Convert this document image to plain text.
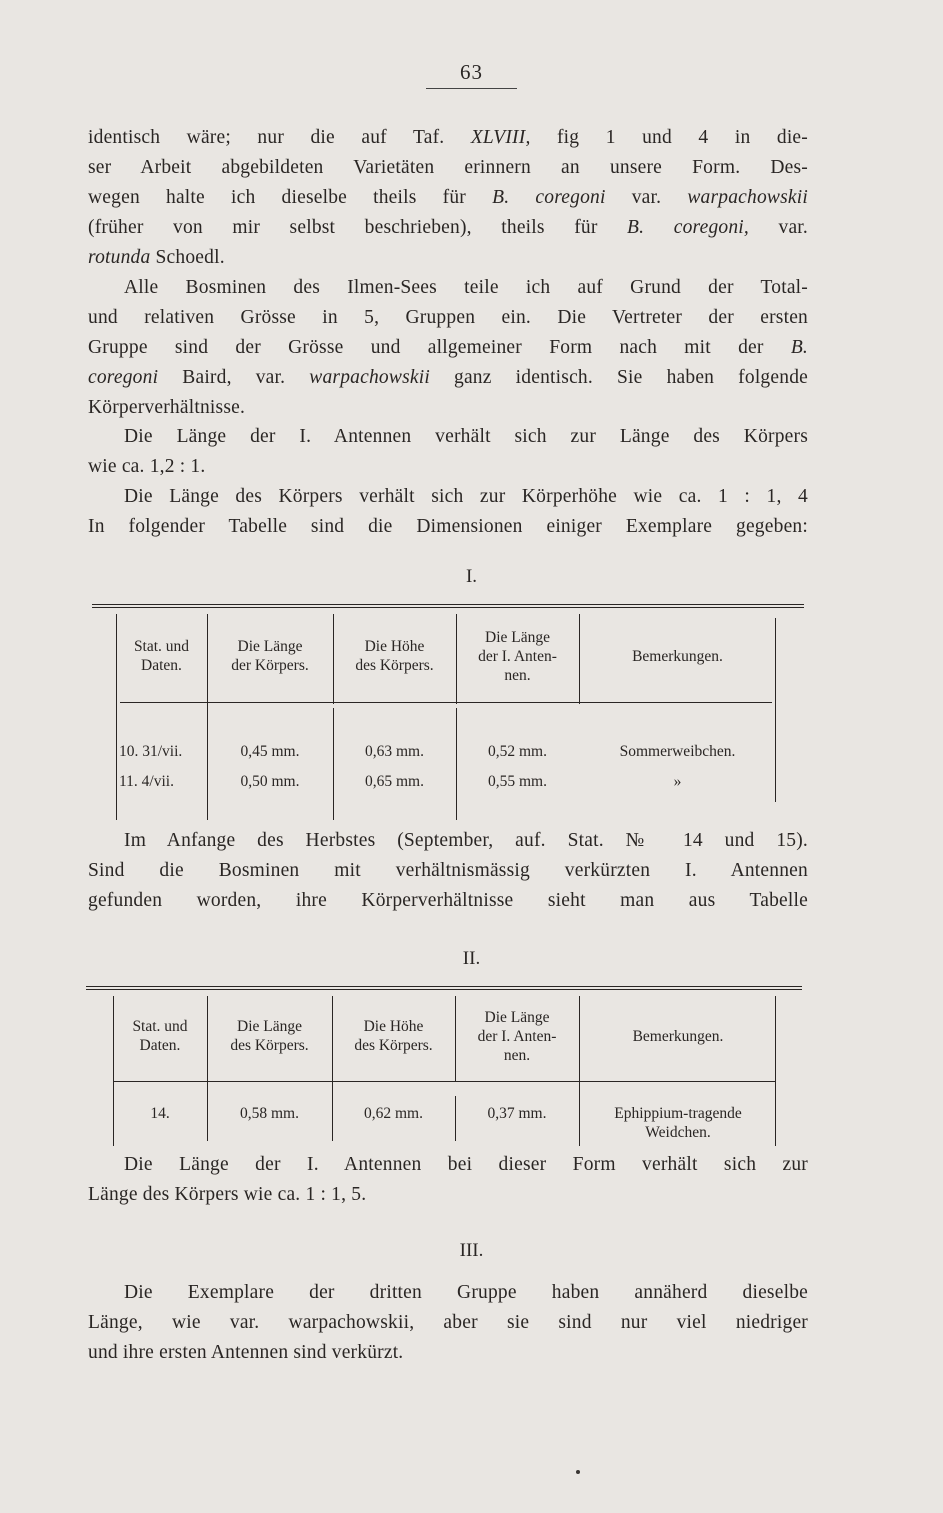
63
identisch wäre; nur die auf Taf. XLVIII, fig 1 und 4 in die-
ser Arbeit abgebildeten Varietäten erinnern an unsere Form. Des-
wegen halte ich dieselbe theils für B. coregoni var. warpachowskii
(früher von mir selbst beschrieben), theils für B. coregoni, var.
rotunda Schoedl.
Alle Bosminen des Ilmen-Sees teile ich auf Grund der Total-
und relativen Grösse in 5, Gruppen ein. Die Vertreter der ersten
Gruppe sind der Grösse und allgemeiner Form nach mit der B.
coregoni Baird, var. warpachowskii ganz identisch. Sie haben folgende
Körperverhältnisse.
Die Länge der I. Antennen verhält sich zur Länge des Körpers
wie ca. 1,2 : 1.
Die Länge des Körpers verhält sich zur Körperhöhe wie ca. 1 : 1, 4
In folgender Tabelle sind die Dimensionen einiger Exemplare gegeben:
I.
Stat. und
Daten.	Die Länge
der Körpers.	Die Höhe
des Körpers.	Die Länge
der I. Anten-
nen.	Bemerkungen.

10. 31/vii.	0,45 mm.	0,63 mm.	0,52 mm.	Sommerweibchen.
11. 4/vii.	0,50 mm.	0,65 mm.	0,55 mm.	»
Im Anfange des Herbstes (September, auf. Stat. № 14 und 15).
Sind die Bosminen mit verhältnismässig verkürzten I. Antennen
gefunden worden, ihre Körperverhältnisse sieht man aus Tabelle
II.
Stat. und
Daten.	Die Länge
des Körpers.	Die Höhe
des Körpers.	Die Länge
der I. Anten-
nen.	Bemerkungen.

14.	0,58 mm.	0,62 mm.	0,37 mm.	Ephippium-tragende
Weidchen.
Die Länge der I. Antennen bei dieser Form verhält sich zur
Länge des Körpers wie ca. 1 : 1, 5.
III.
Die Exemplare der dritten Gruppe haben annäherd dieselbe
Länge, wie var. warpachowskii, aber sie sind nur viel niedriger
und ihre ersten Antennen sind verkürzt.
